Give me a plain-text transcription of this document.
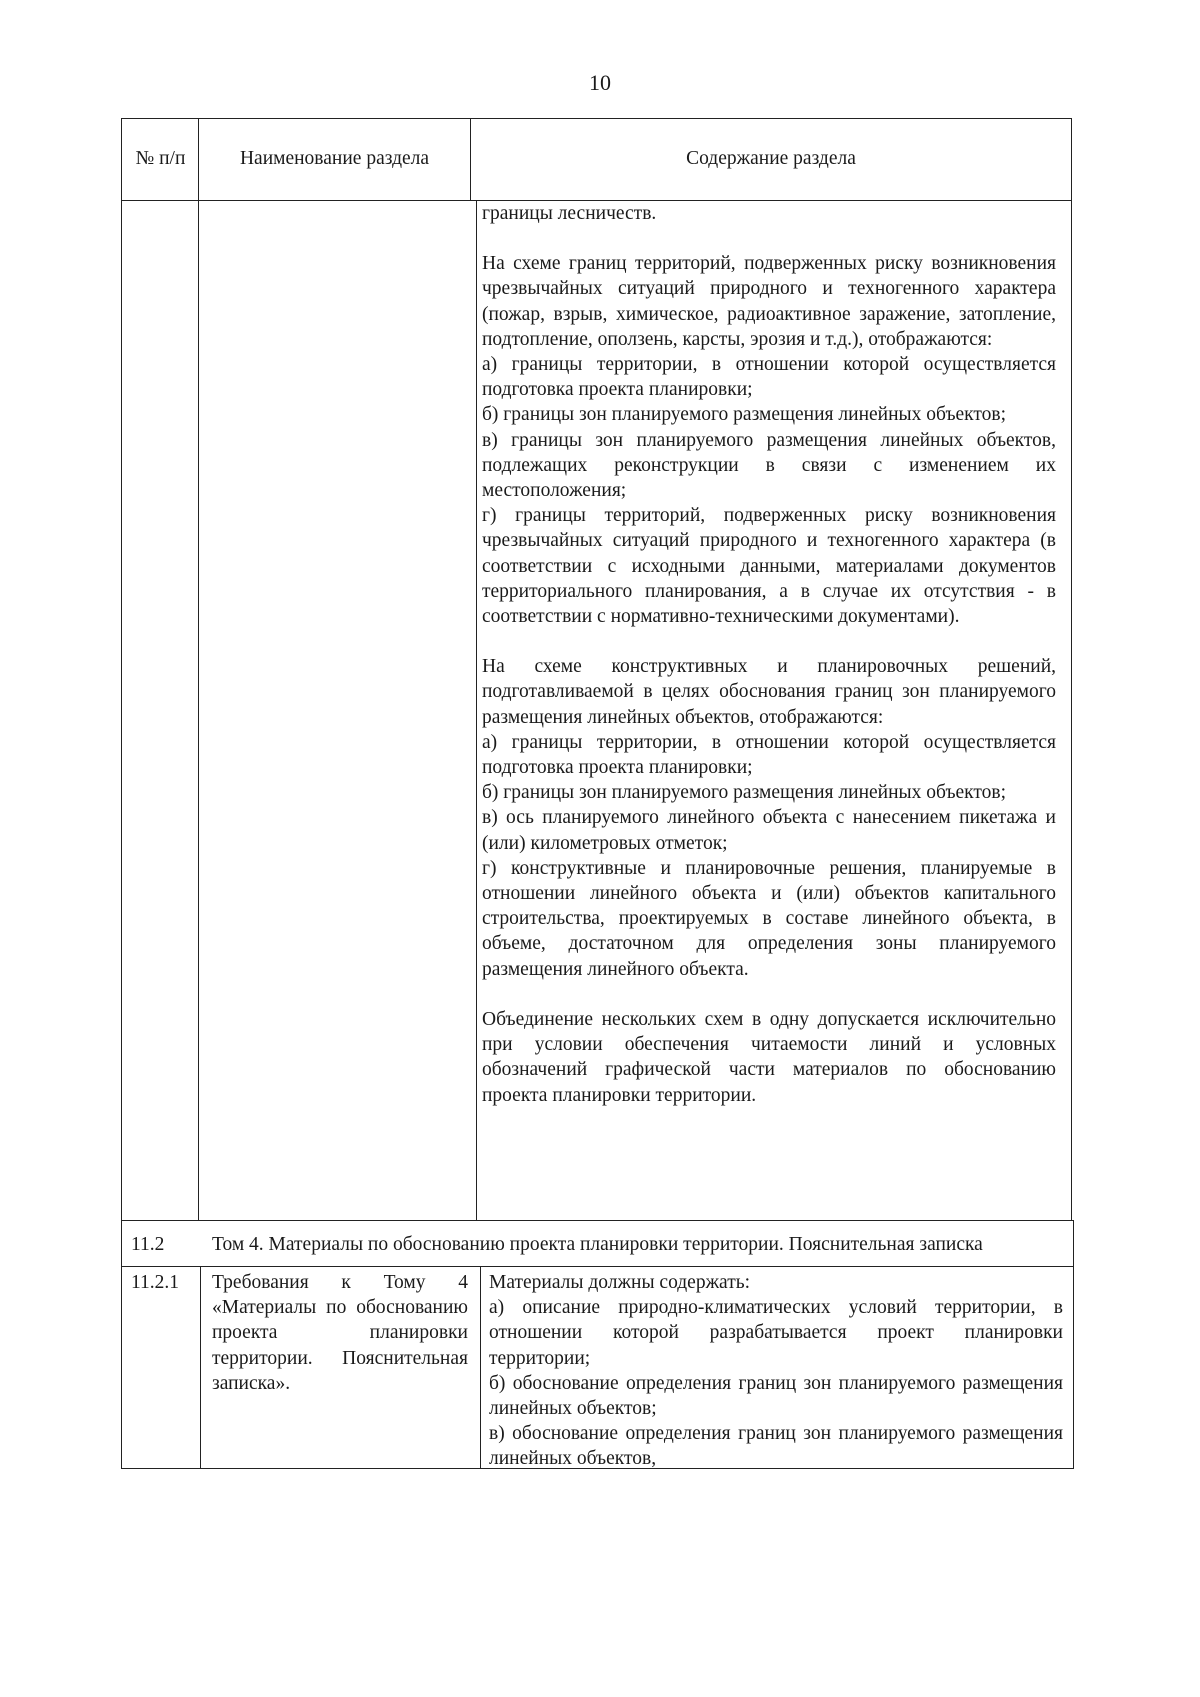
10
№ п/п	Наименование раздела	Содержание раздела

границы лесничеств.

На схеме границ территорий, подверженных риску возникновения чрезвычайных ситуаций природного и техногенного характера (пожар, взрыв, химическое, радиоактивное заражение, затопление, подтопление, оползень, карсты, эрозия и т.д.), отображаются:

а) границы территории, в отношении которой осуществляется подготовка проекта планировки;

б) границы зон планируемого размещения линейных объектов;

в) границы зон планируемого размещения линейных объектов, подлежащих реконструкции в связи с изменением их местоположения;

г) границы территорий, подверженных риску возникновения чрезвычайных ситуаций природного и техногенного характера (в соответствии с исходными данными, материалами документов территориального планирования, а в случае их отсутствия - в соответствии с нормативно-техническими документами).

На схеме конструктивных и планировочных решений, подготавливаемой в целях обоснования границ зон планируемого размещения линейных объектов, отображаются:

а) границы территории, в отношении которой осуществляется подготовка проекта планировки;

б) границы зон планируемого размещения линейных объектов;

в) ось планируемого линейного объекта с нанесением пикетажа и (или) километровых отметок;

г) конструктивные и планировочные решения, планируемые в отношении линейного объекта и (или) объектов капитального строительства, проектируемых в составе линейного объекта, в объеме, достаточном для определения зоны планируемого размещения линейного объекта.

Объединение нескольких схем в одну допускается исключительно при условии обеспечения читаемости линий и условных обозначений графической части материалов по обоснованию проекта планировки территории.

11.2 Том 4. Материалы по обоснованию проекта планировки территории. Пояснительная записка
11.2.1 Требования к Тому 4 «Материалы по обоснованию проекта планировки территории. Пояснительная записка».

Материалы должны содержать:

а) описание природно-климатических условий территории, в отношении которой разрабатывается проект планировки территории;

б) обоснование определения границ зон планируемого размещения линейных объектов;

в) обоснование определения границ зон планируемого размещения линейных объектов,
